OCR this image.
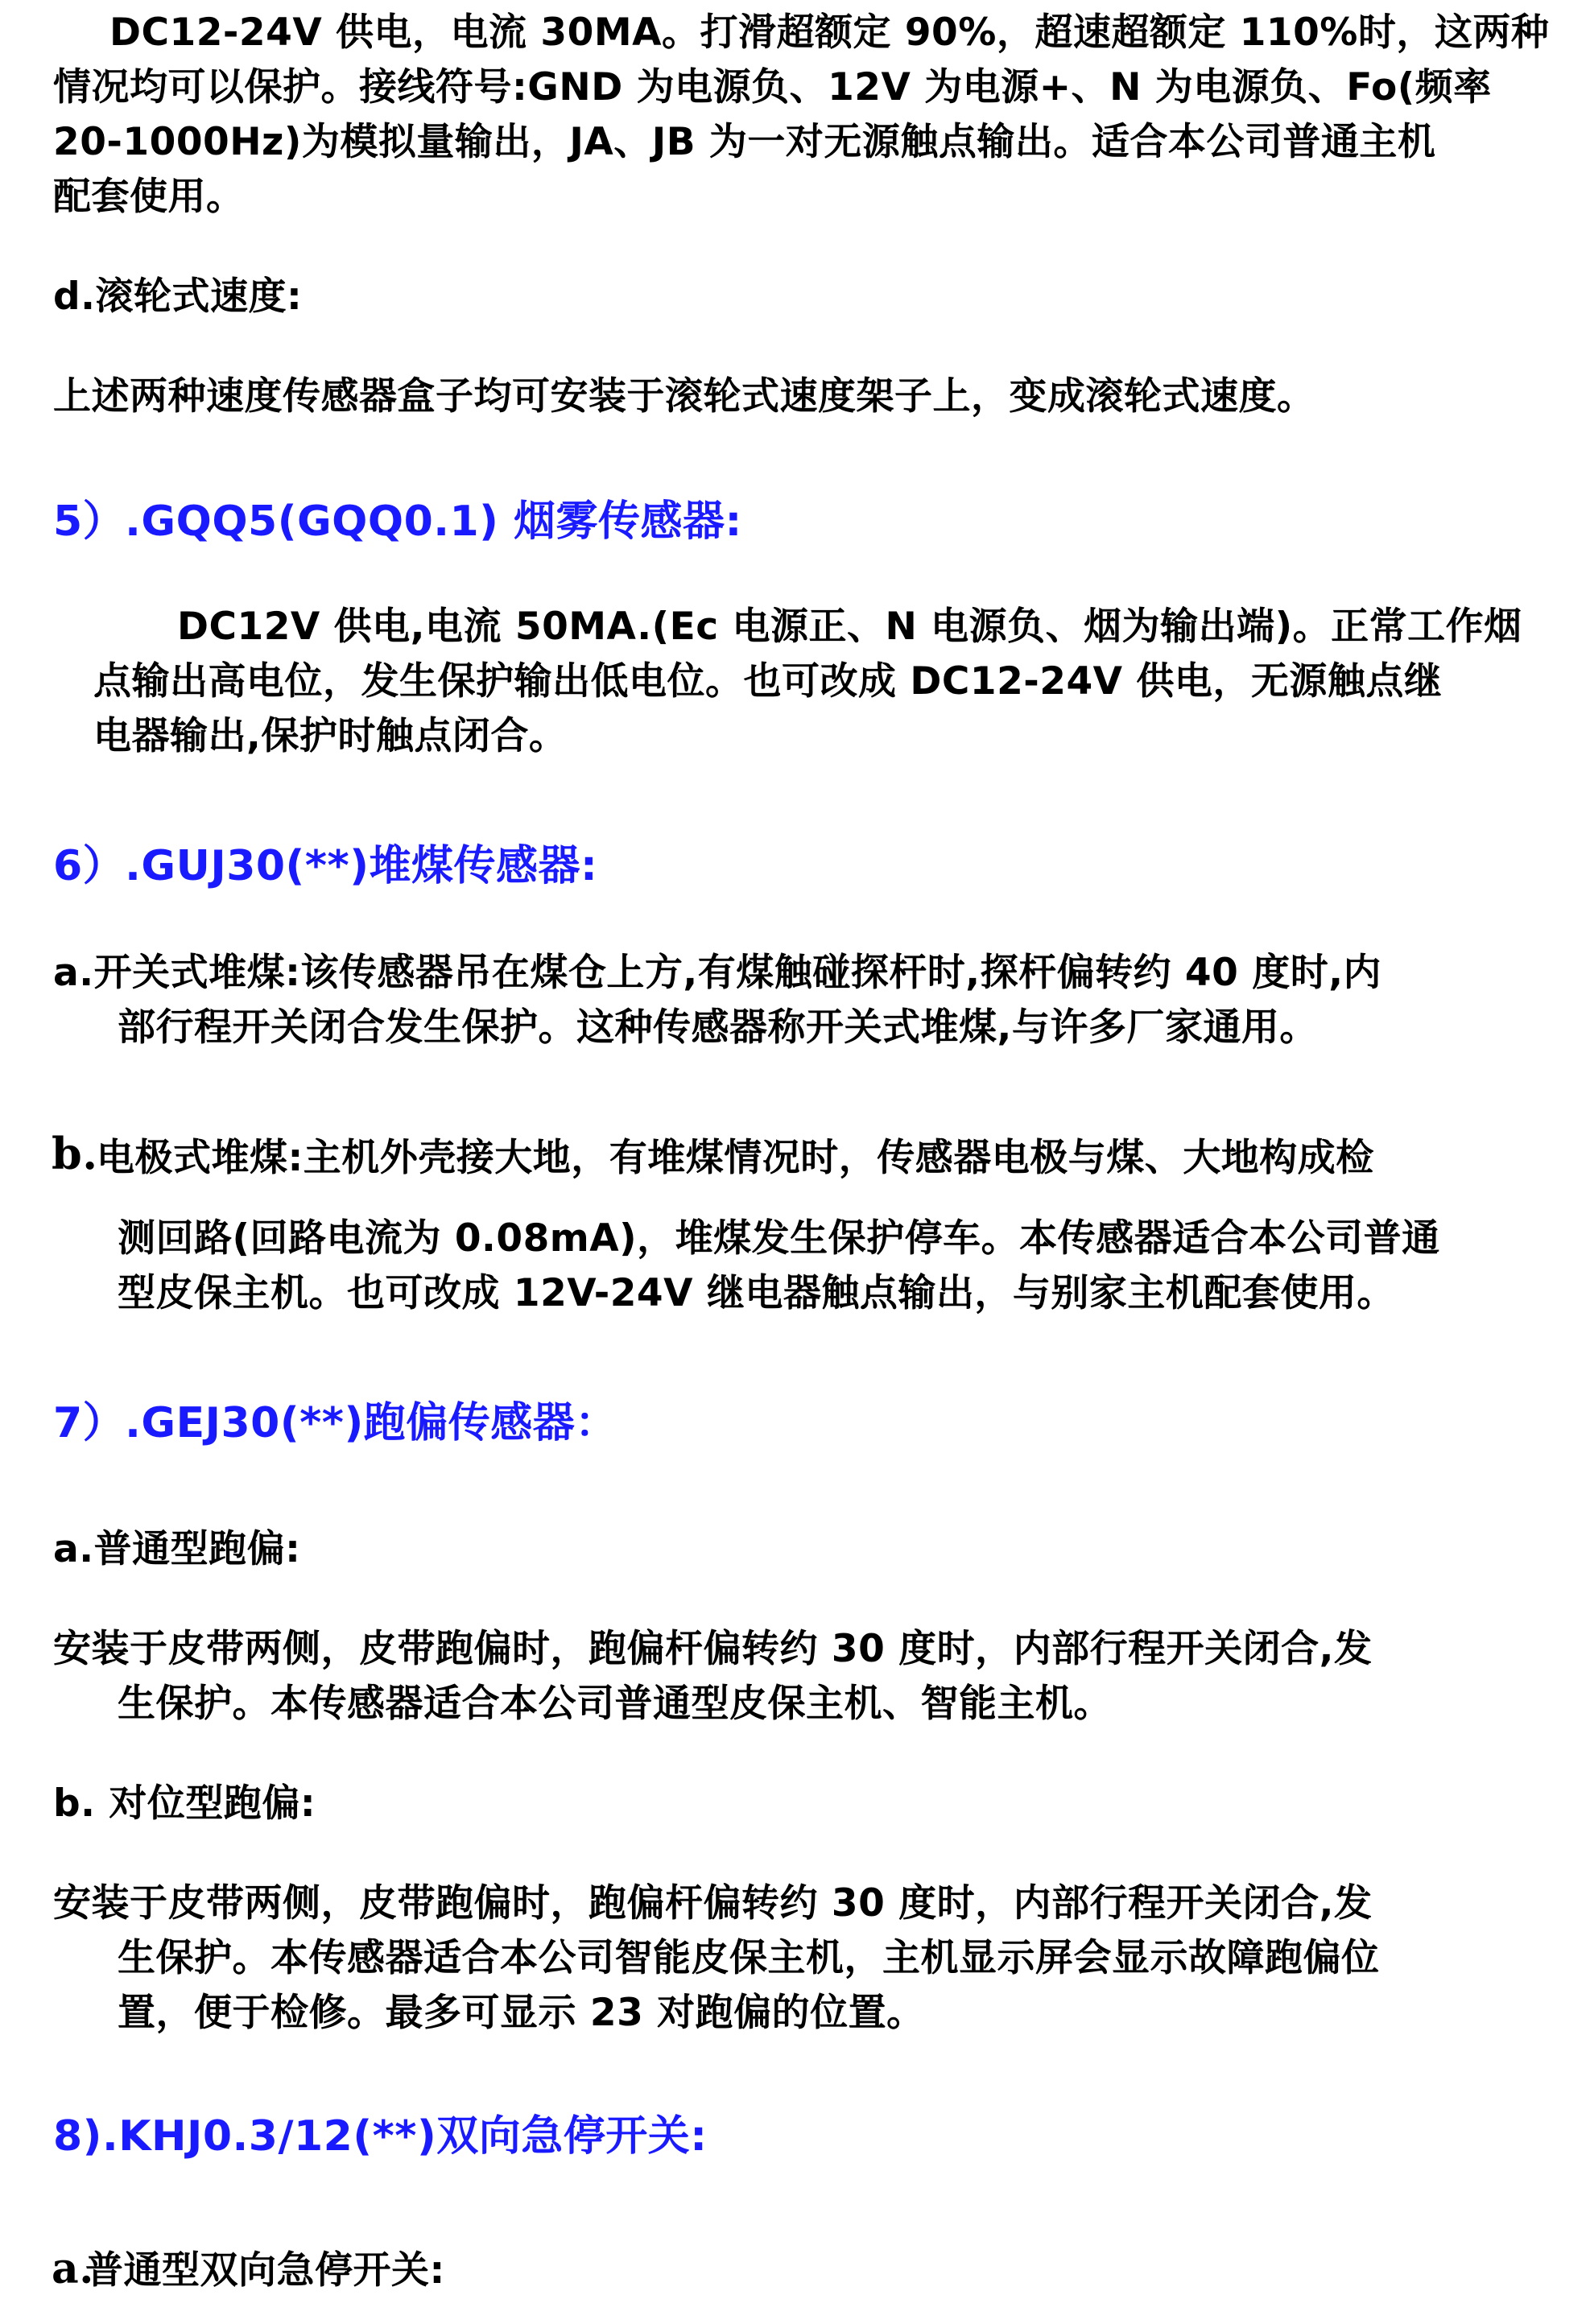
DC12-24V 供电，电流 30MA。打滑超额定 90%，超速超额定 110%时，这两种
情况均可以保护。接线符号:GND 为电源负、12V 为电源+、N 为电源负、Fo(频率
20-1000Hz)为模拟量输出，JA、JB 为一对无源触点输出。适合本公司普通主机
配套使用。
d.滚轮式速度:
上述两种速度传感器盒子均可安装于滚轮式速度架子上，变成滚轮式速度。
5）.GQQ5(GQQ0.1) 烟雾传感器:
DC12V 供电,电流 50MA.(Ec 电源正、N 电源负、烟为输出端)。正常工作烟
点输出高电位，发生保护输出低电位。也可改成 DC12-24V 供电，无源触点继
电器输出,保护时触点闭合。
6）.GUJ30(**)堆煤传感器:
a.开关式堆煤:该传感器吊在煤仓上方,有煤触碰探杆时,探杆偏转约 40 度时,内
部行程开关闭合发生保护。这种传感器称开关式堆煤,与许多厂家通用。
b.
电极式堆煤:主机外壳接大地，有堆煤情况时，传感器电极与煤、大地构成检
测回路(回路电流为 0.08mA)，堆煤发生保护停车。本传感器适合本公司普通
型皮保主机。也可改成 12V-24V 继电器触点输出，与别家主机配套使用。
7）.GEJ30(**)跑偏传感器：
a.普通型跑偏:
安装于皮带两侧，皮带跑偏时，跑偏杆偏转约 30 度时，内部行程开关闭合,发
生保护。本传感器适合本公司普通型皮保主机、智能主机。
b. 对位型跑偏:
安装于皮带两侧，皮带跑偏时，跑偏杆偏转约 30 度时，内部行程开关闭合,发
生保护。本传感器适合本公司智能皮保主机，主机显示屏会显示故障跑偏位
置，便于检修。最多可显示 23 对跑偏的位置。
8).KHJ0.3/12(**)双向急停开关:
a.
普通型双向急停开关:
